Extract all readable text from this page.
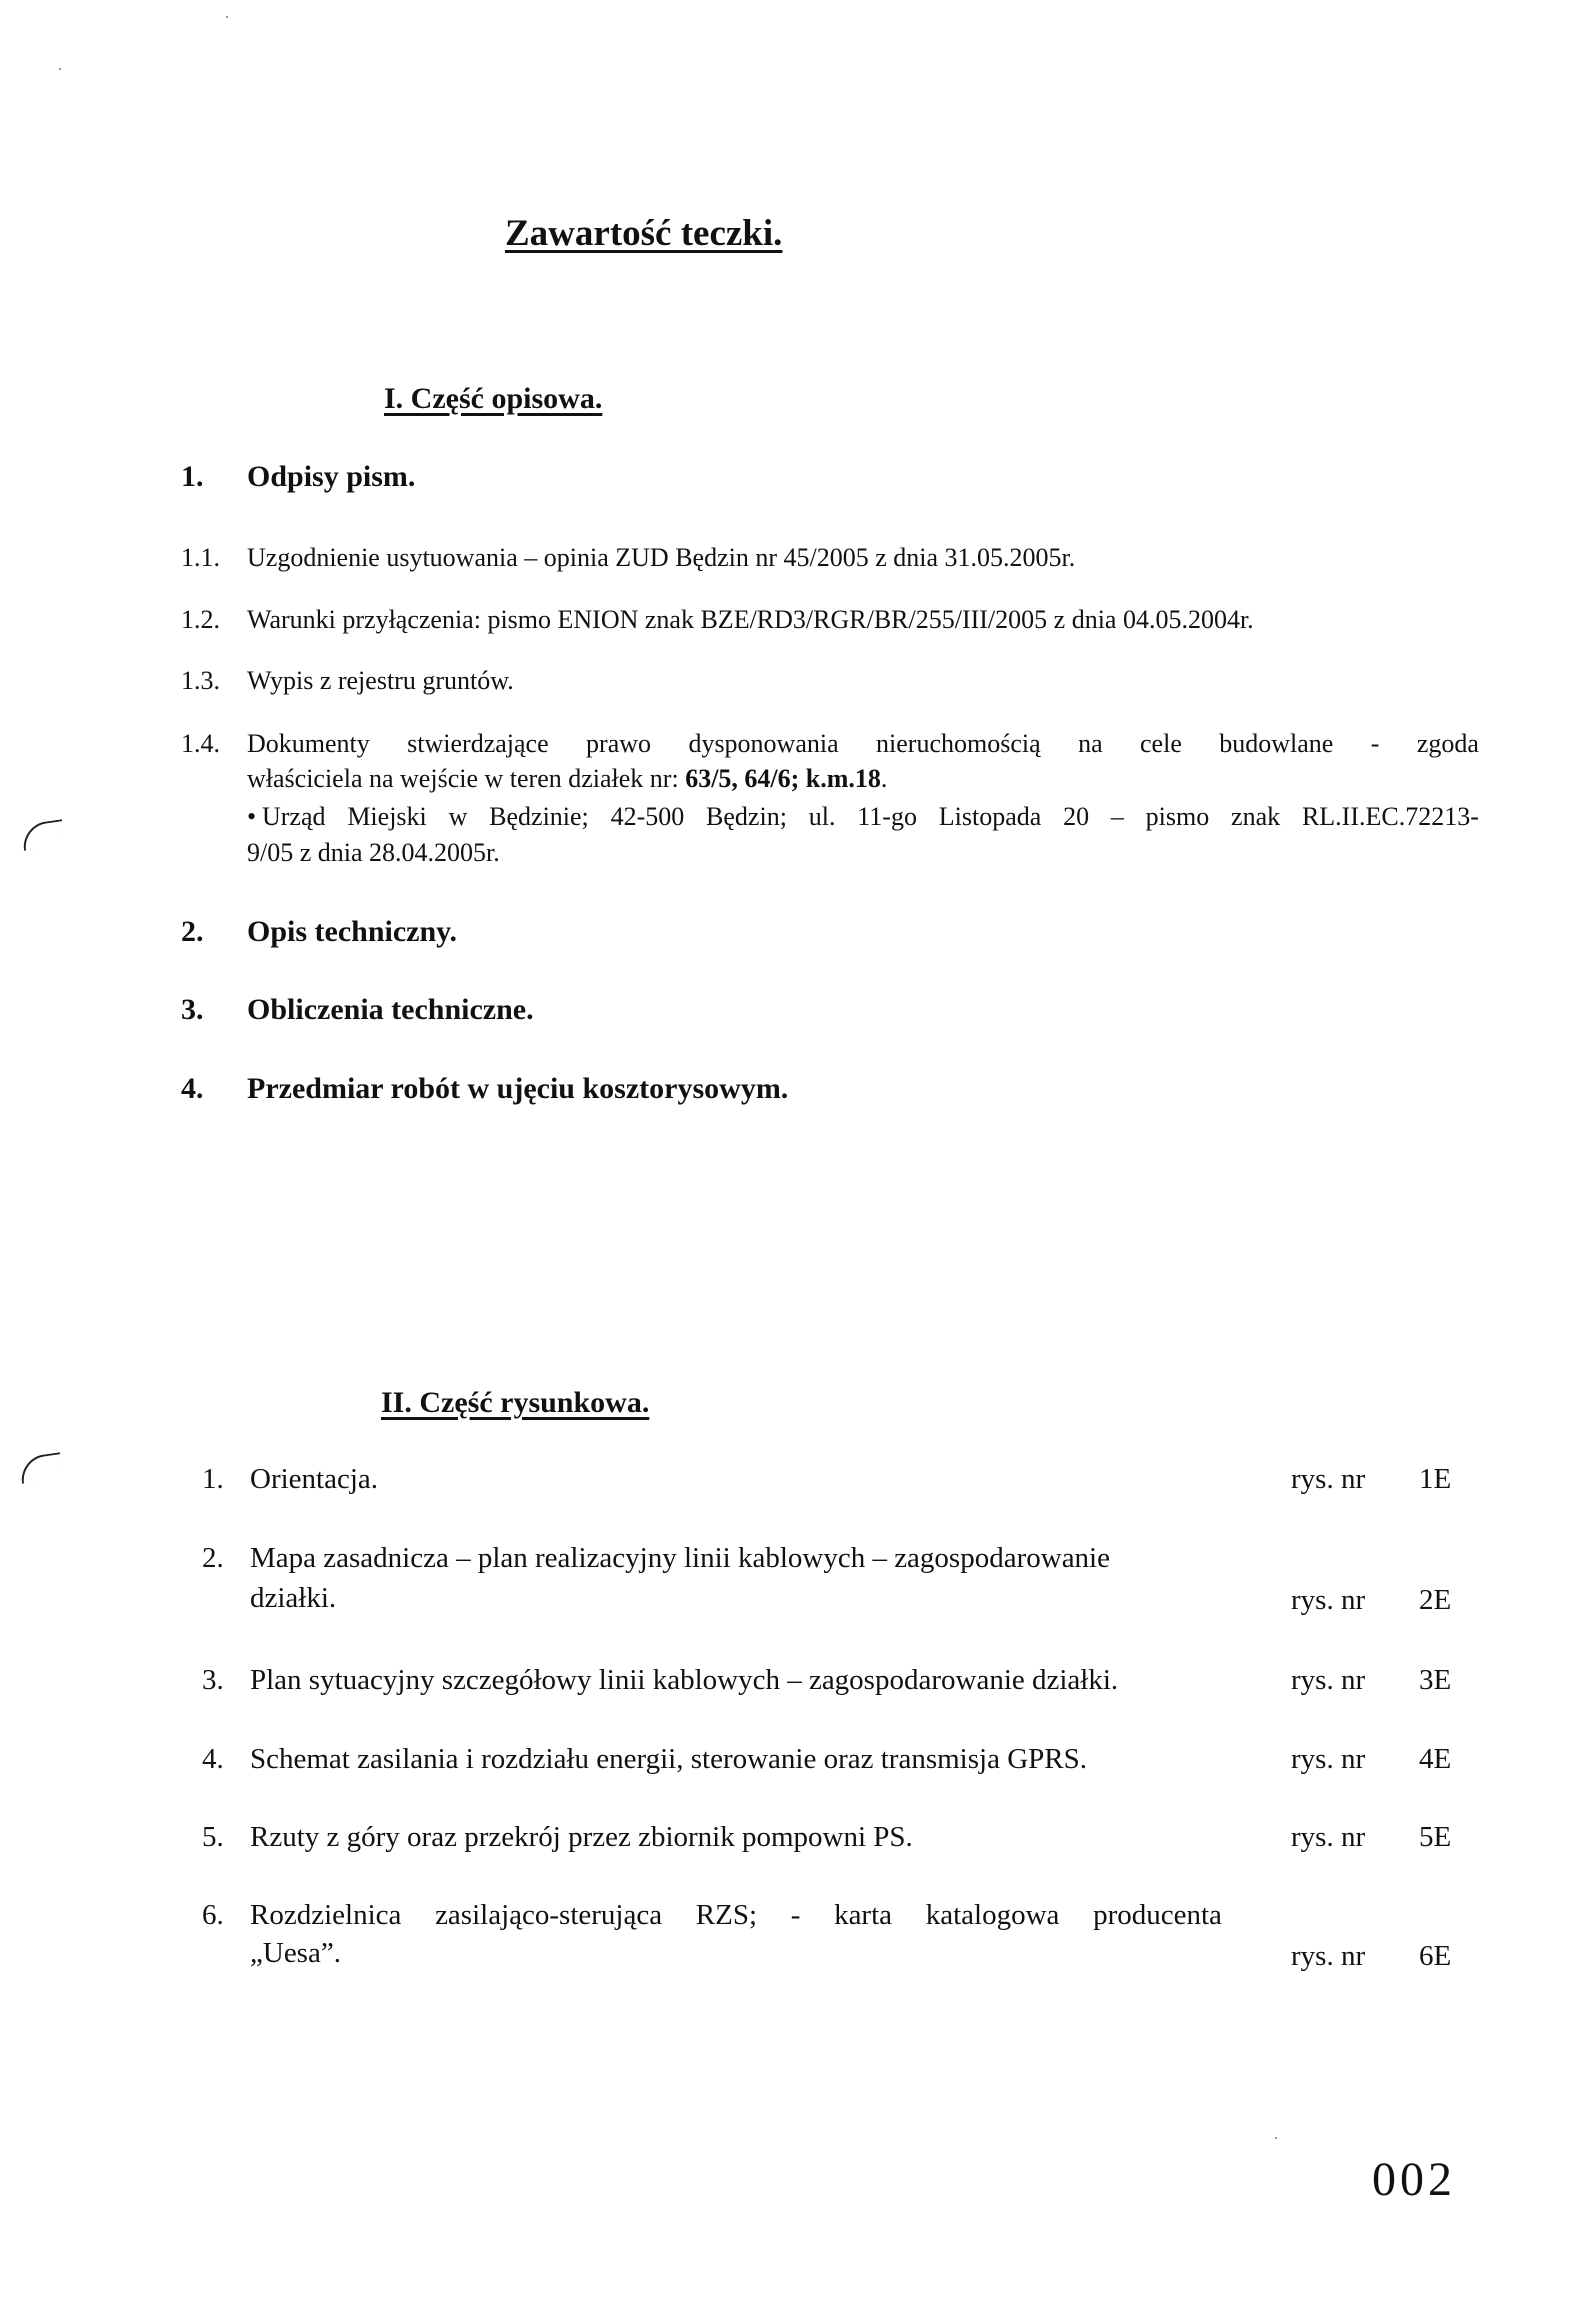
Zawartość teczki.
I. Część opisowa.
1. Odpisy pism.
1.1. Uzgodnienie usytuowania – opinia ZUD Będzin nr 45/2005 z dnia 31.05.2005r.
1.2. Warunki przyłączenia: pismo ENION znak BZE/RD3/RGR/BR/255/III/2005 z dnia 04.05.2004r.
1.3. Wypis z rejestru gruntów.
1.4. Dokumenty stwierdzające prawo dysponowania nieruchomością na cele budowlane - zgoda
właściciela na wejście w teren działek nr: 63/5, 64/6; k.m.18.
• Urząd Miejski w Będzinie; 42-500 Będzin; ul. 11-go Listopada 20 – pismo znak RL.II.EC.72213-
9/05 z dnia 28.04.2005r.
2. Opis techniczny.
3. Obliczenia techniczne.
4. Przedmiar robót w ujęciu kosztorysowym.
II. Część rysunkowa.
1. Orientacja.	rys. nr 1E
2. Mapa zasadnicza – plan realizacyjny linii kablowych – zagospodarowanie
działki.	rys. nr 2E
3. Plan sytuacyjny szczegółowy linii kablowych – zagospodarowanie działki.	rys. nr 3E
4. Schemat zasilania i rozdziału energii, sterowanie oraz transmisja GPRS.	rys. nr 4E
5. Rzuty z góry oraz przekrój przez zbiornik pompowni PS.	rys. nr 5E
6. Rozdzielnica zasilająco-sterująca RZS; - karta katalogowa producenta
„Uesa”.	rys. nr 6E
002
